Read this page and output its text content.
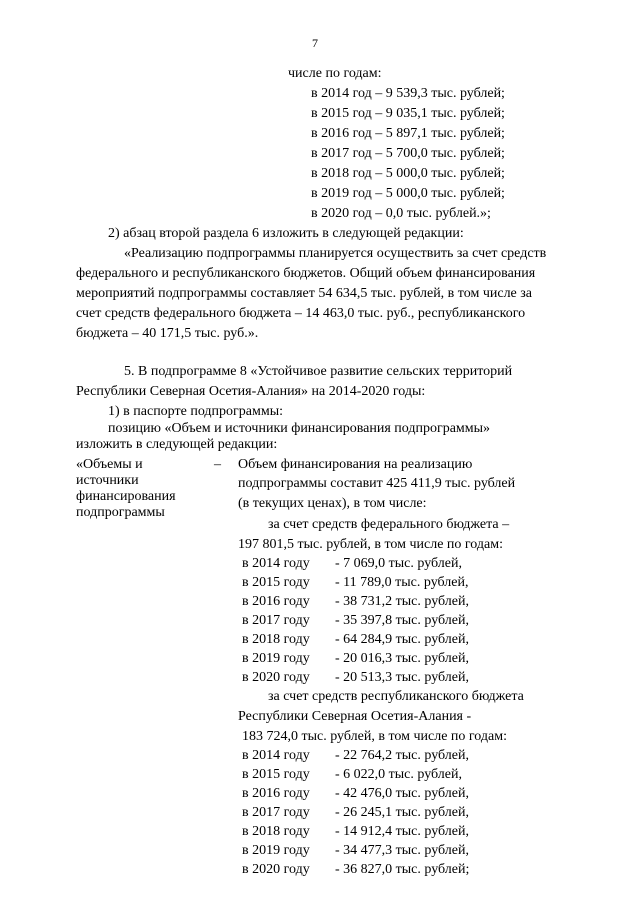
7
числе по годам:
в 2014 год – 9 539,3 тыс. рублей;
в 2015 год – 9 035,1 тыс. рублей;
в 2016 год – 5 897,1 тыс. рублей;
в 2017 год – 5 700,0 тыс. рублей;
в 2018 год – 5 000,0 тыс. рублей;
в 2019 год – 5 000,0 тыс. рублей;
в 2020 год – 0,0 тыс. рублей.»;
2) абзац второй раздела 6 изложить в следующей редакции:
«Реализацию подпрограммы планируется осуществить за счет средств
федерального и республиканского бюджетов. Общий объем финансирования
мероприятий подпрограммы составляет 54 634,5 тыс. рублей, в том числе за
счет средств федерального бюджета – 14 463,0 тыс. руб., республиканского
бюджета – 40 171,5 тыс. руб.».
5. В подпрограмме 8 «Устойчивое развитие сельских территорий
Республики Северная Осетия-Алания» на 2014-2020 годы:
1) в паспорте подпрограммы:
позицию «Объем и источники финансирования подпрограммы»
изложить в следующей редакции:
«Объемы и источники финансирования подпрограммы
– Объем финансирования на реализацию
подпрограммы составит 425 411,9 тыс. рублей
(в текущих ценах), в том числе:
за счет средств федерального бюджета –
197 801,5 тыс. рублей, в том числе по годам:
в 2014 году	- 7 069,0 тыс. рублей,
в 2015 году	- 11 789,0 тыс. рублей,
в 2016 году	- 38 731,2 тыс. рублей,
в 2017 году	- 35 397,8 тыс. рублей,
в 2018 году	- 64 284,9 тыс. рублей,
в 2019 году	- 20 016,3 тыс. рублей,
в 2020 году	- 20 513,3 тыс. рублей,
за счет средств республиканского бюджета
Республики Северная Осетия-Алания -
183 724,0 тыс. рублей, в том числе по годам:
в 2014 году	- 22 764,2 тыс. рублей,
в 2015 году	- 6 022,0 тыс. рублей,
в 2016 году	- 42 476,0 тыс. рублей,
в 2017 году	- 26 245,1 тыс. рублей,
в 2018 году	- 14 912,4 тыс. рублей,
в 2019 году	- 34 477,3 тыс. рублей,
в 2020 году	- 36 827,0 тыс. рублей;
